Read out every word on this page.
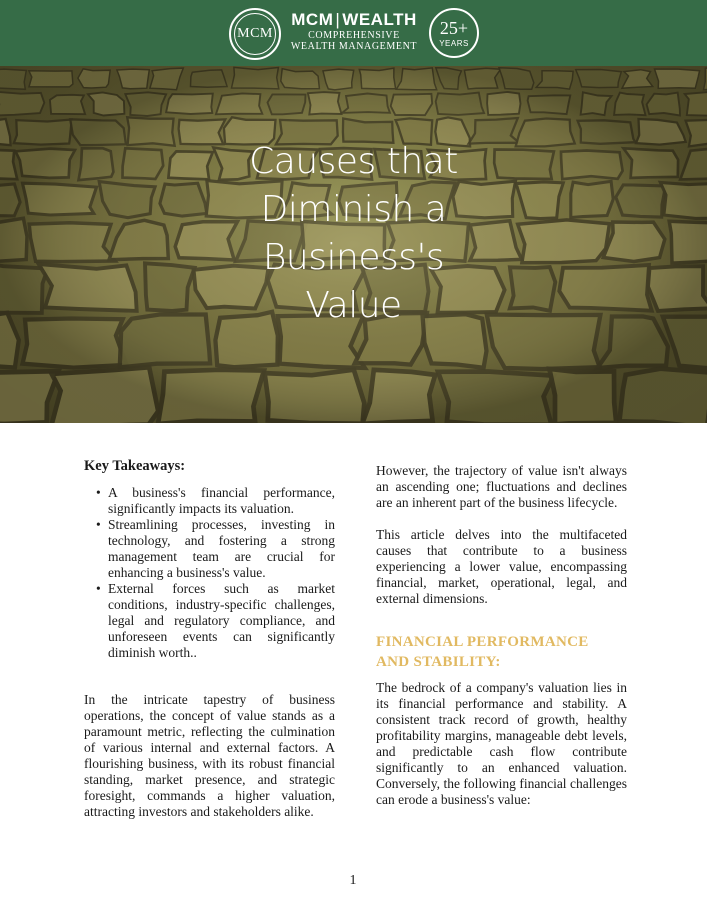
MCM
MCM | WEALTH
COMPREHENSIVE
WEALTH MANAGEMENT
25+
YEARS
Causes that
Diminish a
Business's
Value
Key Takeaways:
• A business's financial performance, significantly impacts its valuation.
• Streamlining processes, investing in technology, and fostering a strong management team are crucial for enhancing a business's value.
• External forces such as market conditions, industry-specific challenges, legal and regulatory compliance, and unforeseen events can significantly diminish worth..

In the intricate tapestry of business operations, the concept of value stands as a paramount metric, reflecting the culmination of various internal and external factors. A flourishing business, with its robust financial standing, market presence, and strategic foresight, commands a higher valuation, attracting investors and stakeholders alike.

However, the trajectory of value isn't always an ascending one; fluctuations and declines are an inherent part of the business lifecycle.

This article delves into the multifaceted causes that contribute to a business experiencing a lower value, encompassing financial, market, operational, legal, and external dimensions.

FINANCIAL PERFORMANCE
AND STABILITY:

The bedrock of a company's valuation lies in its financial performance and stability. A consistent track record of growth, healthy profitability margins, manageable debt levels, and predictable cash flow contribute significantly to an enhanced valuation. Conversely, the following financial challenges can erode a business's value:

1
